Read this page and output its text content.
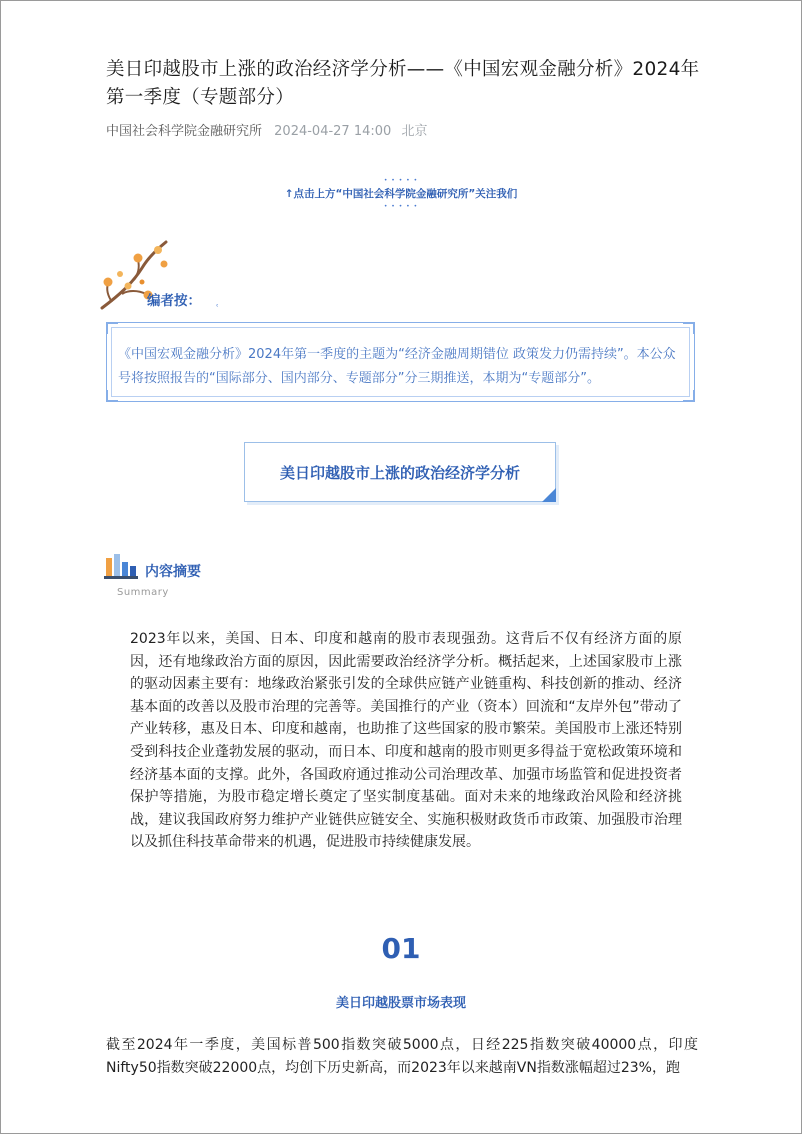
美日印越股市上涨的政治经济学分析——《中国宏观金融分析》2024年第一季度（专题部分）
中国社会科学院金融研究所 2024-04-27 14:00 北京
• • • • •
↑点击上方“中国社会科学院金融研究所”关注我们
• • • • •
编者按： ʿ
《中国宏观金融分析》2024年第一季度的主题为“经济金融周期错位 政策发力仍需持续”。本公众号将按照报告的“国际部分、国内部分、专题部分”分三期推送，本期为“专题部分”。
美日印越股市上涨的政治经济学分析
内容摘要
Summary
2023年以来，美国、日本、印度和越南的股市表现强劲。这背后不仅有经济方面的原因，还有地缘政治方面的原因，因此需要政治经济学分析。概括起来，上述国家股市上涨的驱动因素主要有：地缘政治紧张引发的全球供应链产业链重构、科技创新的推动、经济基本面的改善以及股市治理的完善等。美国推行的产业（资本）回流和“友岸外包”带动了产业转移，惠及日本、印度和越南，也助推了这些国家的股市繁荣。美国股市上涨还特别受到科技企业蓬勃发展的驱动，而日本、印度和越南的股市则更多得益于宽松政策环境和经济基本面的支撑。此外，各国政府通过推动公司治理改革、加强市场监管和促进投资者保护等措施，为股市稳定增长奠定了坚实制度基础。面对未来的地缘政治风险和经济挑战，建议我国政府努力维护产业链供应链安全、实施积极财政货币市政策、加强股市治理以及抓住科技革命带来的机遇，促进股市持续健康发展。
01
美日印越股票市场表现
截至2024年一季度，美国标普500指数突破5000点，日经225指数突破40000点，印度Nifty50指数突破22000点，均创下历史新高，而2023年以来越南VN指数涨幅超过23%，跑
